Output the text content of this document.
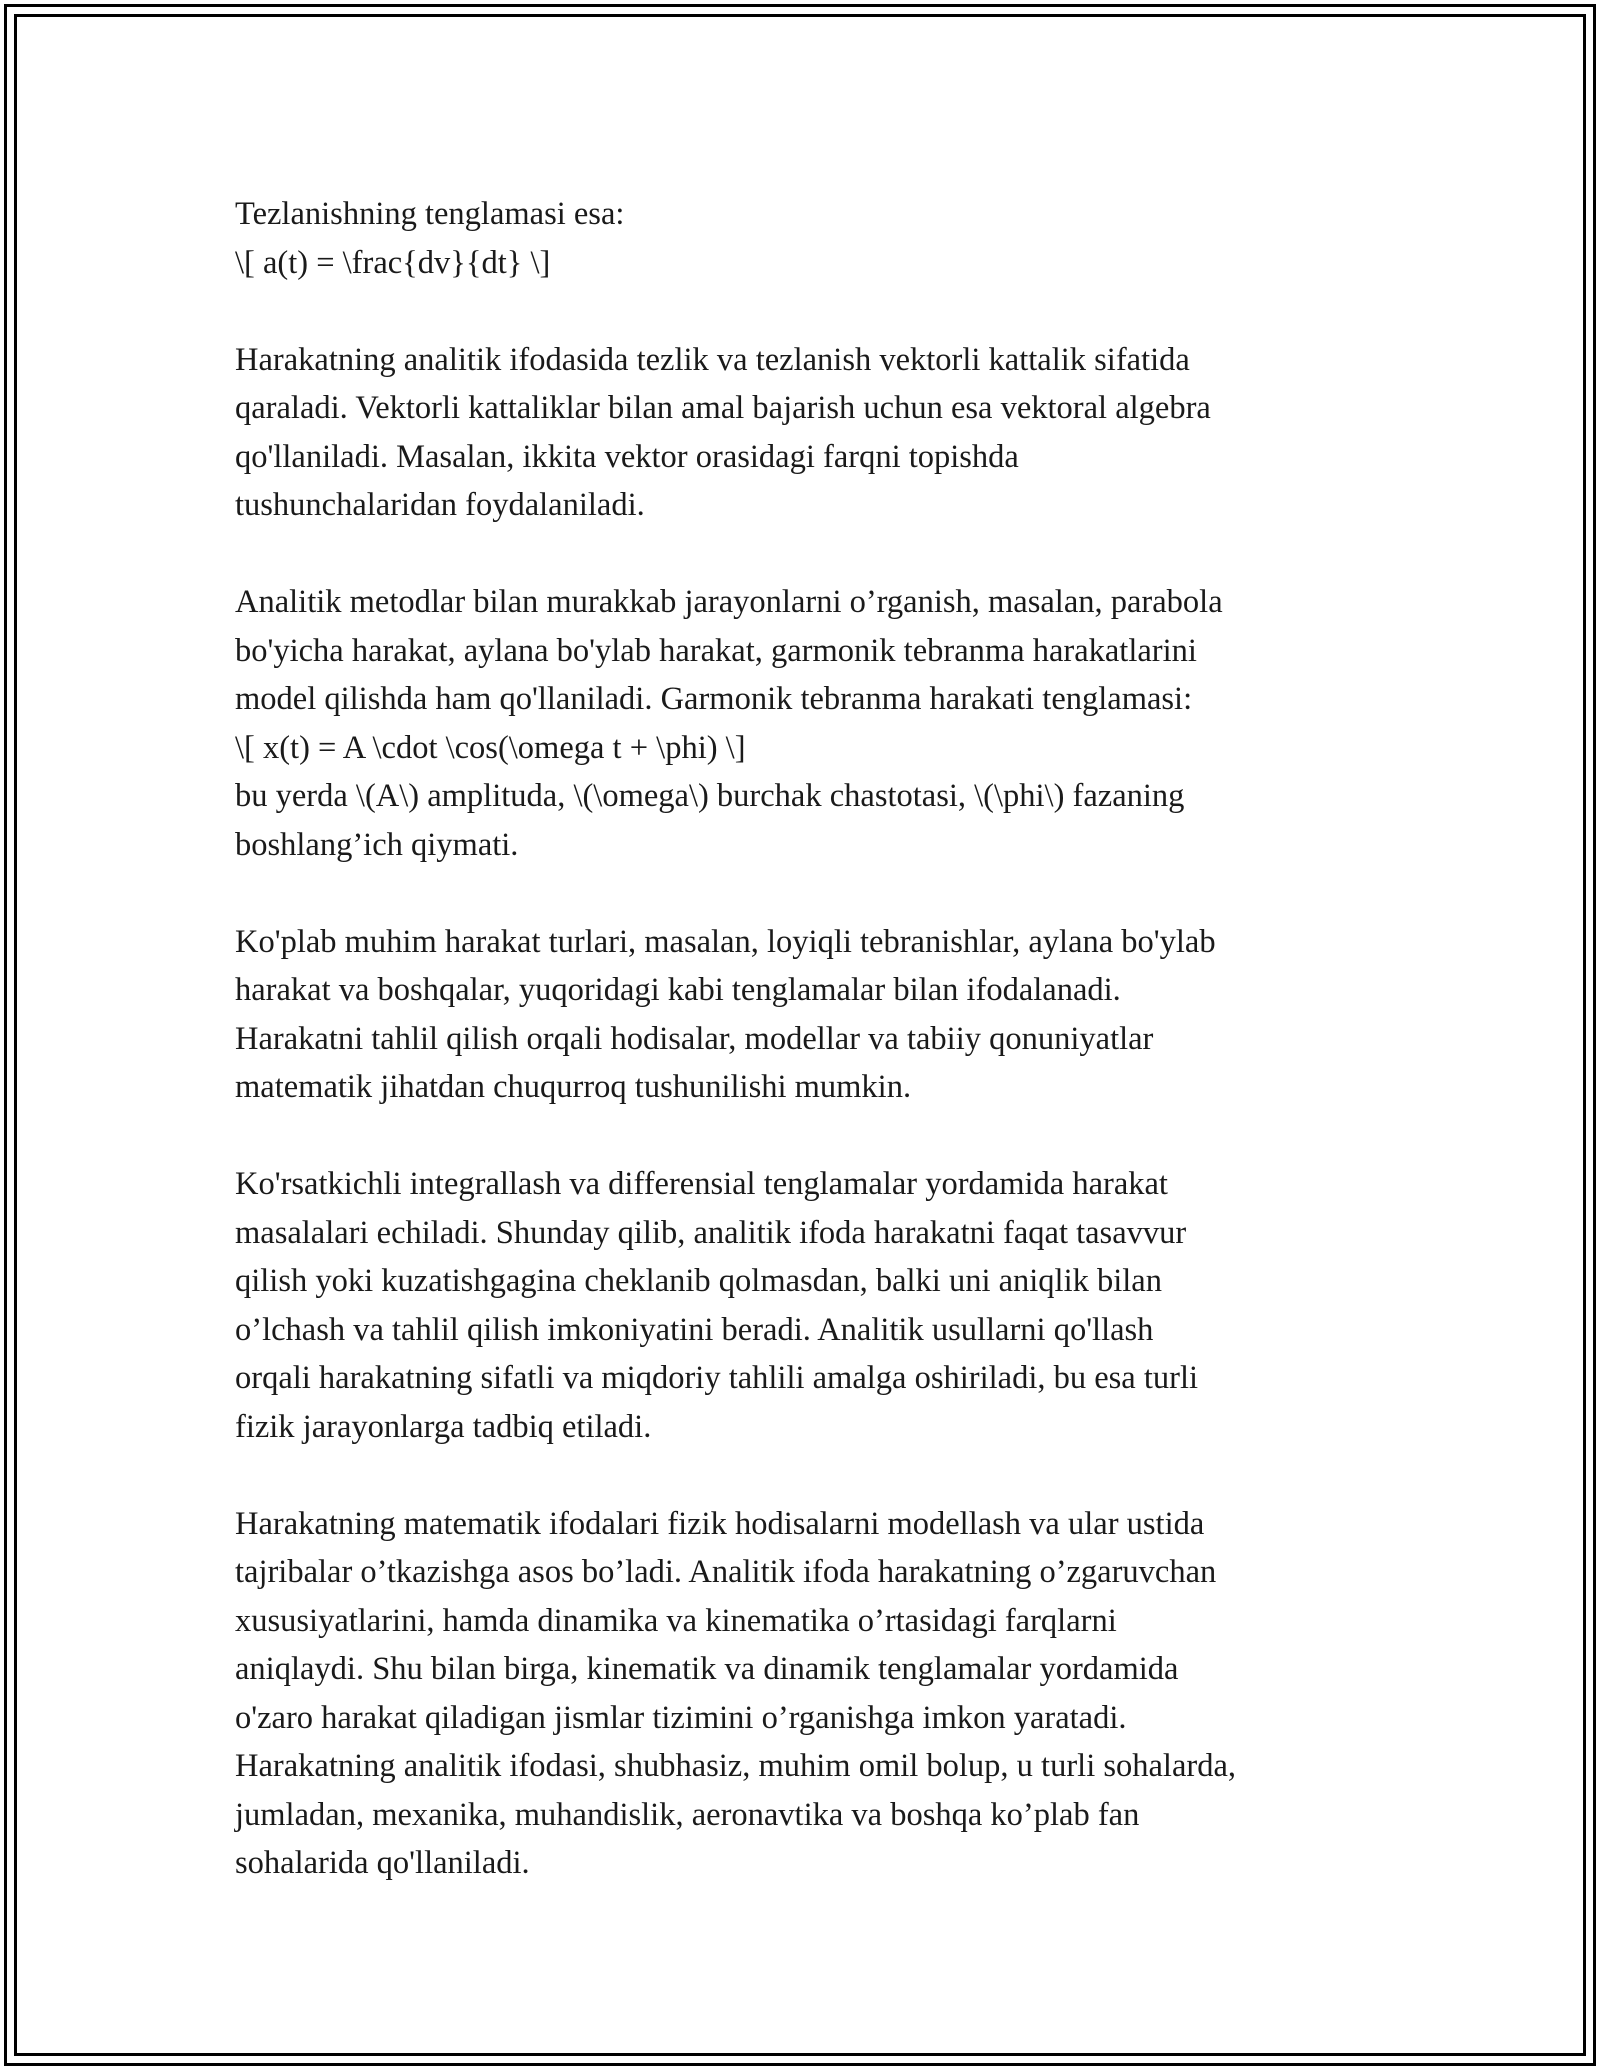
Tezlanishning tenglamasi esa:
\[ a(t) = \frac{dv}{dt} \]

Harakatning analitik ifodasida tezlik va tezlanish vektorli kattalik sifatida
qaraladi. Vektorli kattaliklar bilan amal bajarish uchun esa vektoral algebra
qo'llaniladi. Masalan, ikkita vektor orasidagi farqni topishda
tushunchalaridan foydalaniladi.

Analitik metodlar bilan murakkab jarayonlarni o’rganish, masalan, parabola
bo'yicha harakat, aylana bo'ylab harakat, garmonik tebranma harakatlarini
model qilishda ham qo'llaniladi. Garmonik tebranma harakati tenglamasi:
\[ x(t) = A \cdot \cos(\omega t + \phi) \]
bu yerda \(A\) amplituda, \(\omega\) burchak chastotasi, \(\phi\) fazaning
boshlang’ich qiymati.

Ko'plab muhim harakat turlari, masalan, loyiqli tebranishlar, aylana bo'ylab
harakat va boshqalar, yuqoridagi kabi tenglamalar bilan ifodalanadi.
Harakatni tahlil qilish orqali hodisalar, modellar va tabiiy qonuniyatlar
matematik jihatdan chuqurroq tushunilishi mumkin.

Ko'rsatkichli integrallash va differensial tenglamalar yordamida harakat
masalalari echiladi. Shunday qilib, analitik ifoda harakatni faqat tasavvur
qilish yoki kuzatishgagina cheklanib qolmasdan, balki uni aniqlik bilan
o’lchash va tahlil qilish imkoniyatini beradi. Analitik usullarni qo'llash
orqali harakatning sifatli va miqdoriy tahlili amalga oshiriladi, bu esa turli
fizik jarayonlarga tadbiq etiladi.

Harakatning matematik ifodalari fizik hodisalarni modellash va ular ustida
tajribalar o’tkazishga asos bo’ladi. Analitik ifoda harakatning o’zgaruvchan
xususiyatlarini, hamda dinamika va kinematika o’rtasidagi farqlarni
aniqlaydi. Shu bilan birga, kinematik va dinamik tenglamalar yordamida
o'zaro harakat qiladigan jismlar tizimini o’rganishga imkon yaratadi.
Harakatning analitik ifodasi, shubhasiz, muhim omil bolup, u turli sohalarda,
jumladan, mexanika, muhandislik, aeronavtika va boshqa ko’plab fan
sohalarida qo'llaniladi.
